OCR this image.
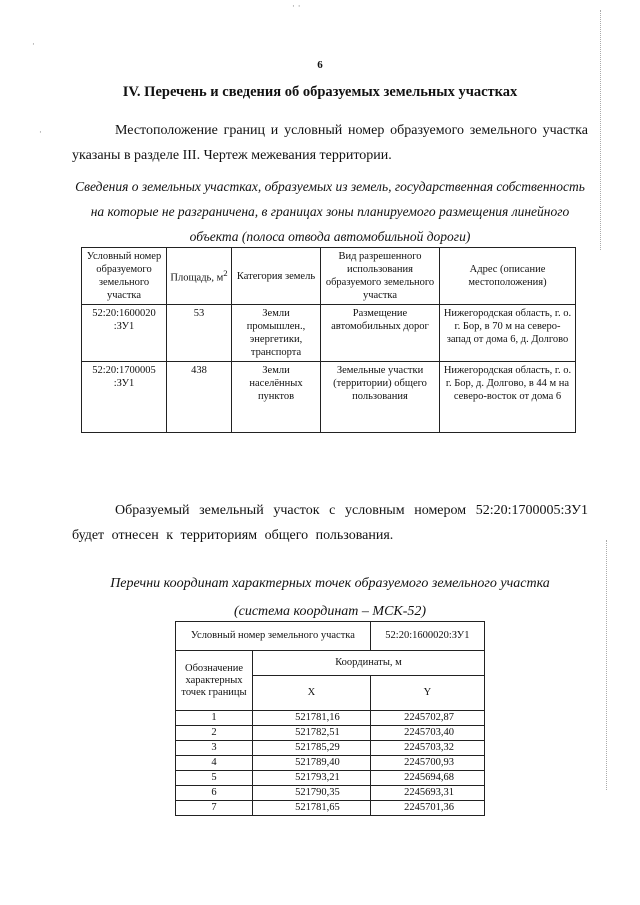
6
IV. Перечень и сведения об образуемых земельных участках
Местоположение границ и условный номер образуемого земельного участка указаны в разделе III. Чертеж межевания территории.
Сведения о земельных участках, образуемых из земель, государственная собственность на которые не разграничена, в границах зоны планируемого размещения линейного объекта (полоса отвода автомобильной дороги)
Условный номер образуемого земельного участка	Площадь, $м^2$	Категория земель	Вид разрешенного использования образуемого земельного участка	Адрес (описание местоположения)
52:20:1600020 :ЗУ1	53	Земли промышлен., энергетики, транспорта	Размещение автомобильных дорог	Нижегородская область, г. о. г. Бор, в 70 м на северо-запад от дома 6, д. Долгово
52:20:1700005 :ЗУ1	438	Земли населённых пунктов	Земельные участки (территории) общего пользования	Нижегородская область, г. о. г. Бор, д. Долгово, в 44 м на северо-восток от дома 6
Образуемый земельный участок с условным номером 52:20:1700005:ЗУ1 будет отнесен к территориям общего пользования.
Перечни координат характерных точек образуемого земельного участка
(система координат – МСК-52)
Условный номер земельного участка		52:20:1600020:ЗУ1
Обозначение характерных точек границы	Координаты, м	
	X	Y
1	521781,16	2245702,87
2	521782,51	2245703,40
3	521785,29	2245703,32
4	521789,40	2245700,93
5	521793,21	2245694,68
6	521790,35	2245693,31
7	521781,65	2245701,36
· ·
·
·
